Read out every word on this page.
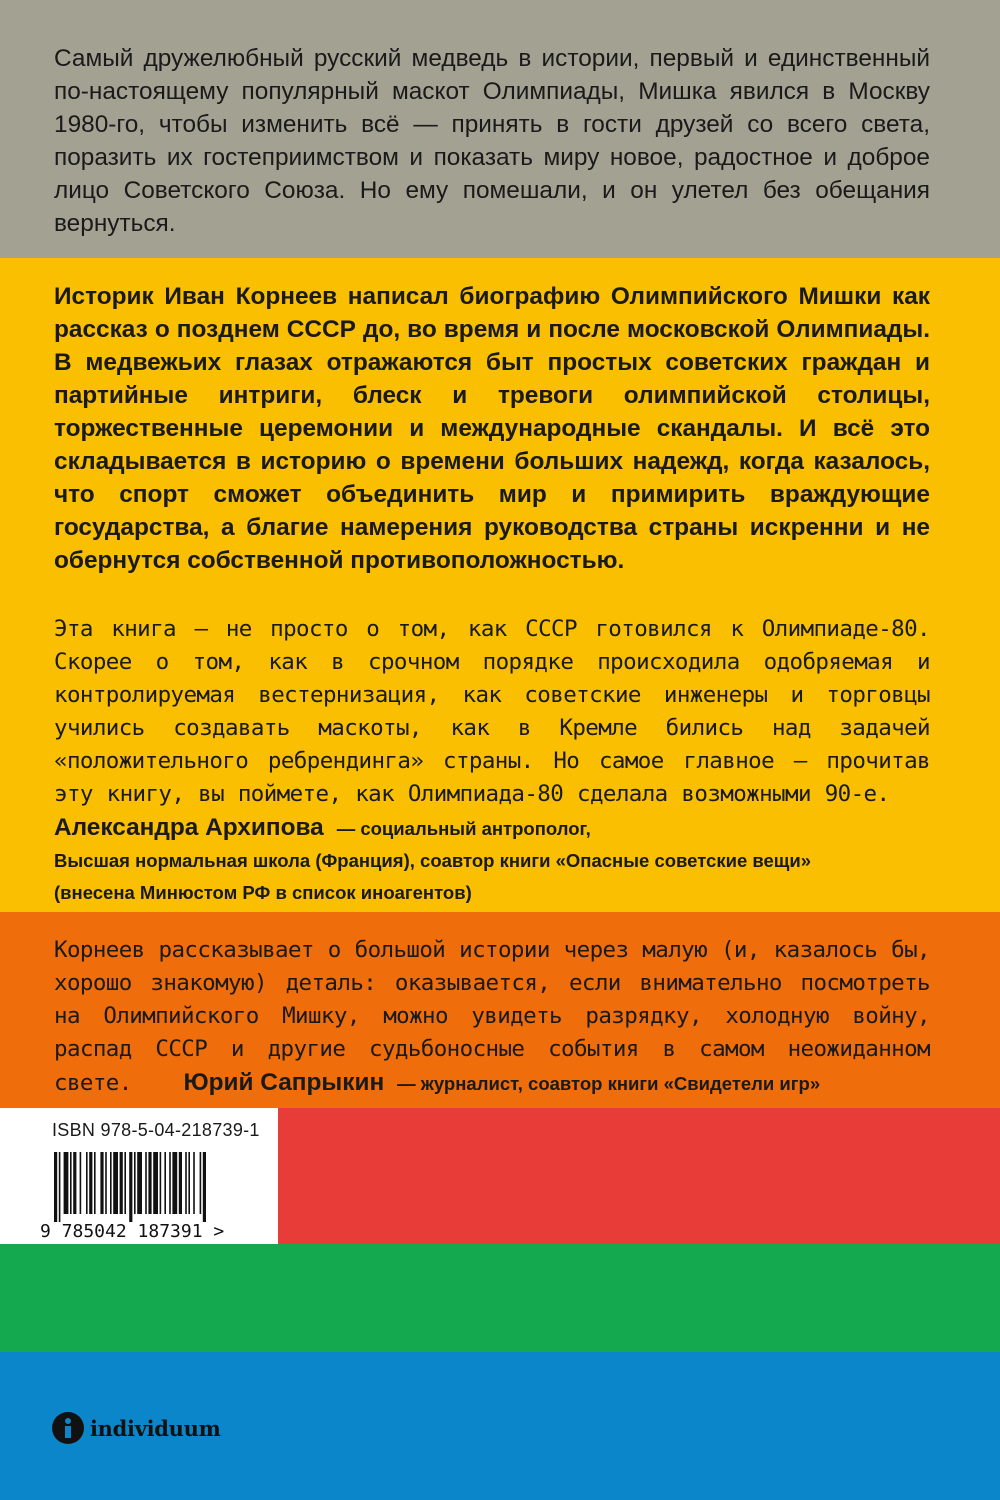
Самый дружелюбный русский медведь в истории, первый и единственный по-настоящему популярный маскот Олимпиады, Мишка явился в Москву 1980-го, чтобы изменить всё — принять в гости друзей со всего света, поразить их гостеприимством и показать миру новое, радостное и доброе лицо Советского Союза. Но ему помешали, и он улетел без обещания вернуться.

Историк Иван Корнеев написал биографию Олимпийского Мишки как рассказ о позднем СССР до, во время и после московской Олимпиады. В медвежьих глазах отражаются быт простых советских граждан и партийные интриги, блеск и тревоги олимпийской столицы, торжественные церемонии и международные скандалы. И всё это складывается в историю о времени больших надежд, когда казалось, что спорт сможет объединить мир и примирить враждующие государства, а благие намерения руководства страны искренни и не обернутся собственной противоположностью.

Эта книга — не просто о том, как СССР готовился к Олимпиаде-80. Скорее о том, как в срочном порядке происходила одобряемая и контролируемая вестернизация, как советские инженеры и торговцы учились создавать маскоты, как в Кремле бились над задачей «положительного ребрендинга» страны. Но самое главное — прочитав эту книгу, вы поймете, как Олимпиада-80 сделала возможными 90-е.    Александра Архипова — социальный антрополог,

Высшая нормальная школа (Франция), соавтор книги «Опасные советские вещи»

(внесена Минюстом РФ в список иноагентов)

Корнеев рассказывает о большой истории через малую (и, казалось бы, хорошо знакомую) деталь: оказывается, если внимательно посмотреть на Олимпийского Мишку, можно увидеть разрядку, холодную войну, распад СССР и другие судьбоносные события в самом неожиданном свете. Юрий Сапрыкин — журналист, соавтор книги «Свидетели игр»

ISBN 978-5-04-218739-1
9 785042 187391 >
individuum
